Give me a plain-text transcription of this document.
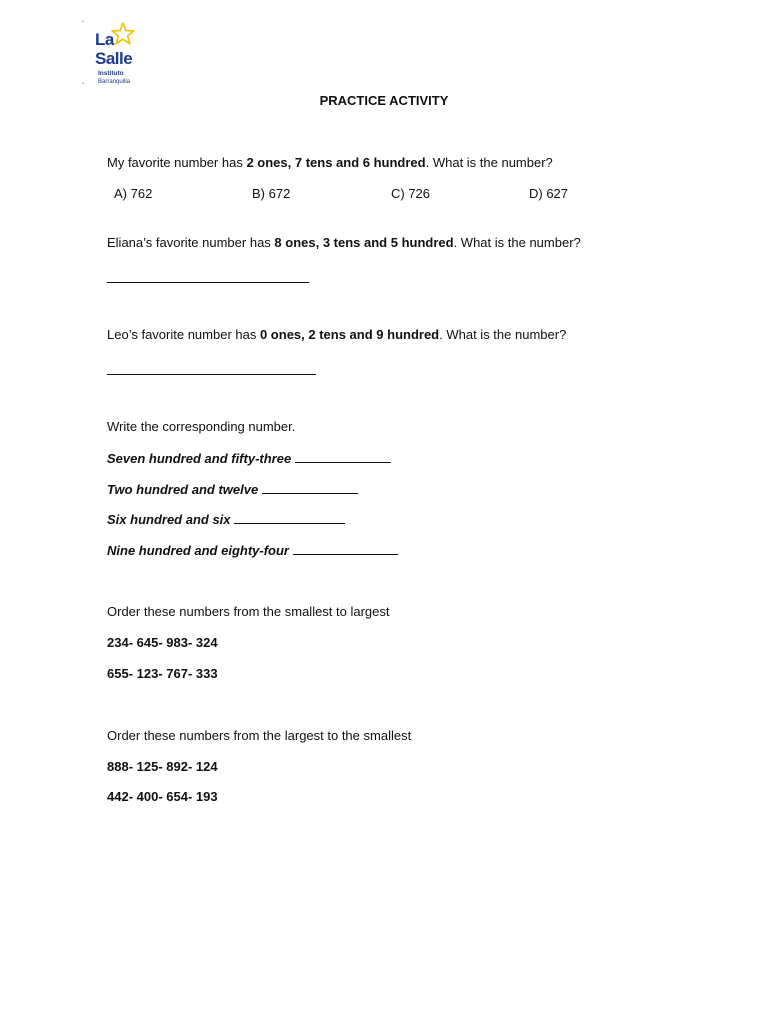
´
La
Salle
Instituto
Barranquilla
`
PRACTICE ACTIVITY
My favorite number has 2 ones, 7 tens and 6 hundred. What is the number?
A) 762	B) 672	C) 726	D) 627
Eliana’s favorite number has 8 ones, 3 tens and 5 hundred. What is the number?
Leo’s favorite number has 0 ones, 2 tens and 9 hundred. What is the number?
Write the corresponding number.
Seven hundred and fifty-three
Two hundred and twelve
Six hundred and six
Nine hundred and eighty-four
Order these numbers from the smallest to largest
234- 645- 983- 324
655- 123- 767- 333
Order these numbers from the largest to the smallest
888- 125- 892- 124
442- 400- 654- 193
